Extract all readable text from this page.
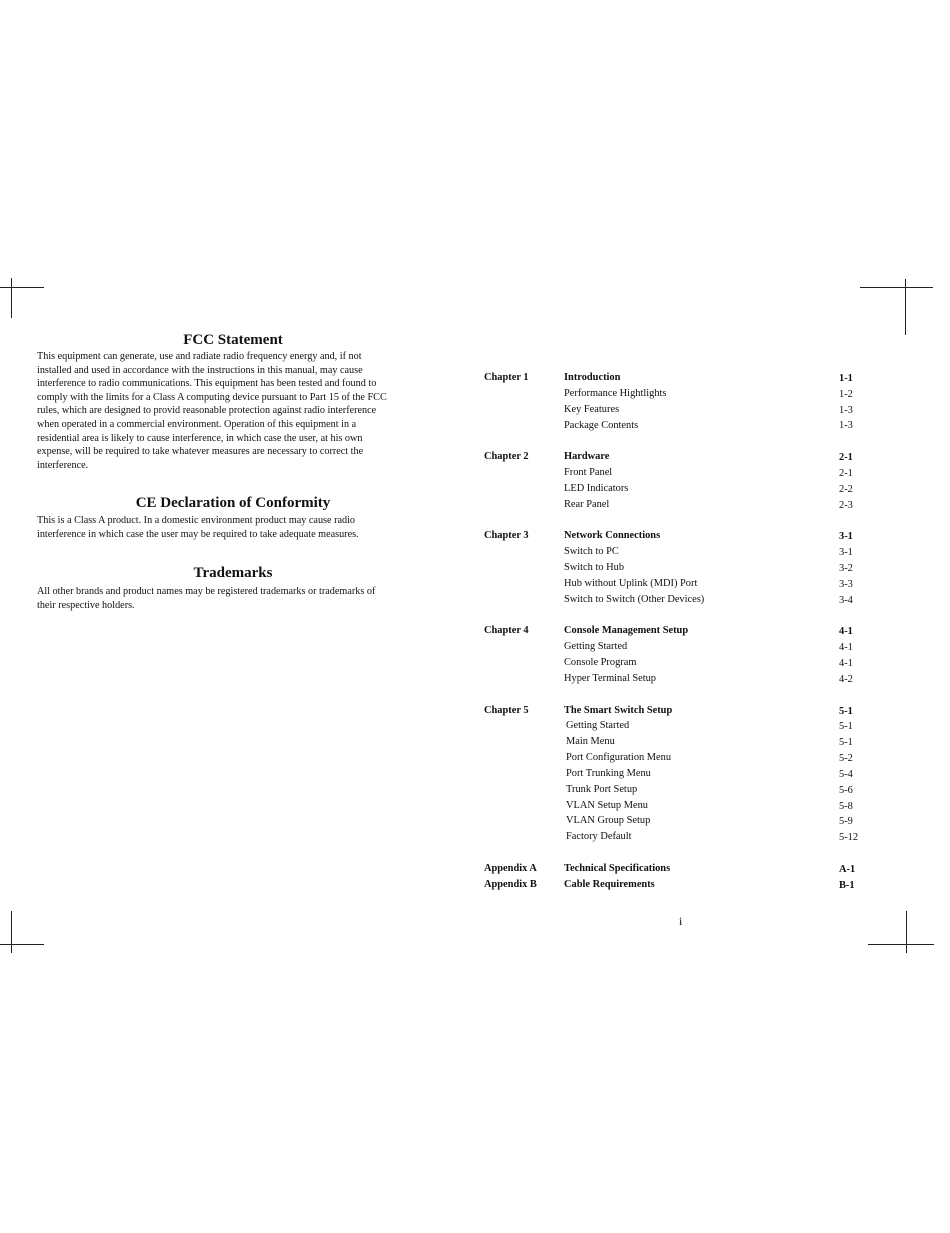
FCC Statement
This equipment can generate, use and radiate radio frequency energy and, if not
installed and used in accordance with the instructions in this manual, may cause
interference to radio communications. This equipment has been tested and found to
comply with the limits for a Class A computing device pursuant to Part 15 of the FCC
rules, which are designed to provid reasonable protection against radio interference
when operated in a commercial environment. Operation of this equipment in a
residential area is likely to cause interference, in which case the user, at his own
expense, will be required to take whatever measures are necessary to correct the
interference.
CE Declaration of Conformity
This is a Class A product. In a domestic environment product may cause radio
interference in which case the user may be required to take adequate measures.
Trademarks
All other brands and product names may be registered trademarks or trademarks of
their respective holders.
Chapter 1	Introduction	1-1
Performance Hightlights	1-2
Key Features	1-3
Package Contents	1-3
Chapter 2	Hardware	2-1
Front Panel	2-1
LED Indicators	2-2
Rear Panel	2-3
Chapter 3	Network Connections	3-1
Switch to PC	3-1
Switch to Hub	3-2
Hub without Uplink (MDI) Port	3-3
Switch to Switch (Other Devices)	3-4
Chapter 4	Console Management Setup	4-1
Getting Started	4-1
Console Program	4-1
Hyper Terminal Setup	4-2
Chapter 5	The Smart Switch Setup	5-1
Getting Started	5-1
Main Menu	5-1
Port Configuration Menu	5-2
Port Trunking Menu	5-4
Trunk Port Setup	5-6
VLAN Setup Menu	5-8
VLAN Group Setup	5-9
Factory Default	5-12
Appendix A	Technical Specifications	A-1
Appendix B	Cable Requirements	B-1
i
